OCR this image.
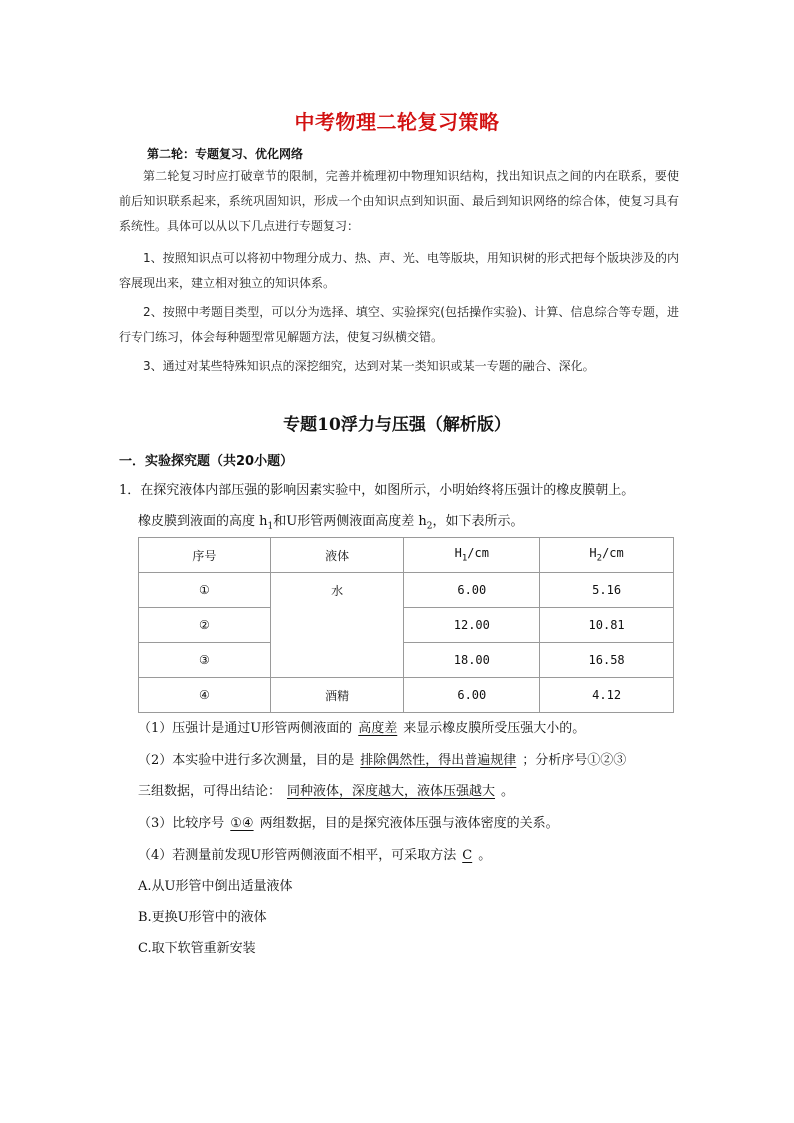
中考物理二轮复习策略
第二轮：专题复习、优化网络
第二轮复习时应打破章节的限制，完善并梳理初中物理知识结构，找出知识点之间的内在联系，要使前后知识联系起来，系统巩固知识，形成一个由知识点到知识面、最后到知识网络的综合体，使复习具有系统性。具体可以从以下几点进行专题复习：
1、按照知识点可以将初中物理分成力、热、声、光、电等版块，用知识树的形式把每个版块涉及的内容展现出来，建立相对独立的知识体系。
2、按照中考题目类型，可以分为选择、填空、实验探究(包括操作实验)、计算、信息综合等专题，进行专门练习，体会每种题型常见解题方法，使复习纵横交错。
3、通过对某些特殊知识点的深挖细究，达到对某一类知识或某一专题的融合、深化。
专题10浮力与压强（解析版）
一．实验探究题（共20小题）
1．在探究液体内部压强的影响因素实验中，如图所示，小明始终将压强计的橡皮膜朝上。
橡皮膜到液面的高度 $h_1$和U形管两侧液面高度差 $h_2$，如下表所示。
序号	液体	$H_1/cm$	$H_2/cm$
①	水	6.00	5.16
②		12.00	10.81
③		18.00	16.58
④	酒精	6.00	4.12
（1）压强计是通过U形管两侧液面的 高度差 来显示橡皮膜所受压强大小的。
（2）本实验中进行多次测量，目的是 排除偶然性，得出普遍规律 ；分析序号①②③
三组数据，可得出结论： 同种液体，深度越大，液体压强越大 。
（3）比较序号 ①④ 两组数据，目的是探究液体压强与液体密度的关系。
（4）若测量前发现U形管两侧液面不相平，可采取方法 C 。
A.从U形管中倒出适量液体
B.更换U形管中的液体
C.取下软管重新安装
